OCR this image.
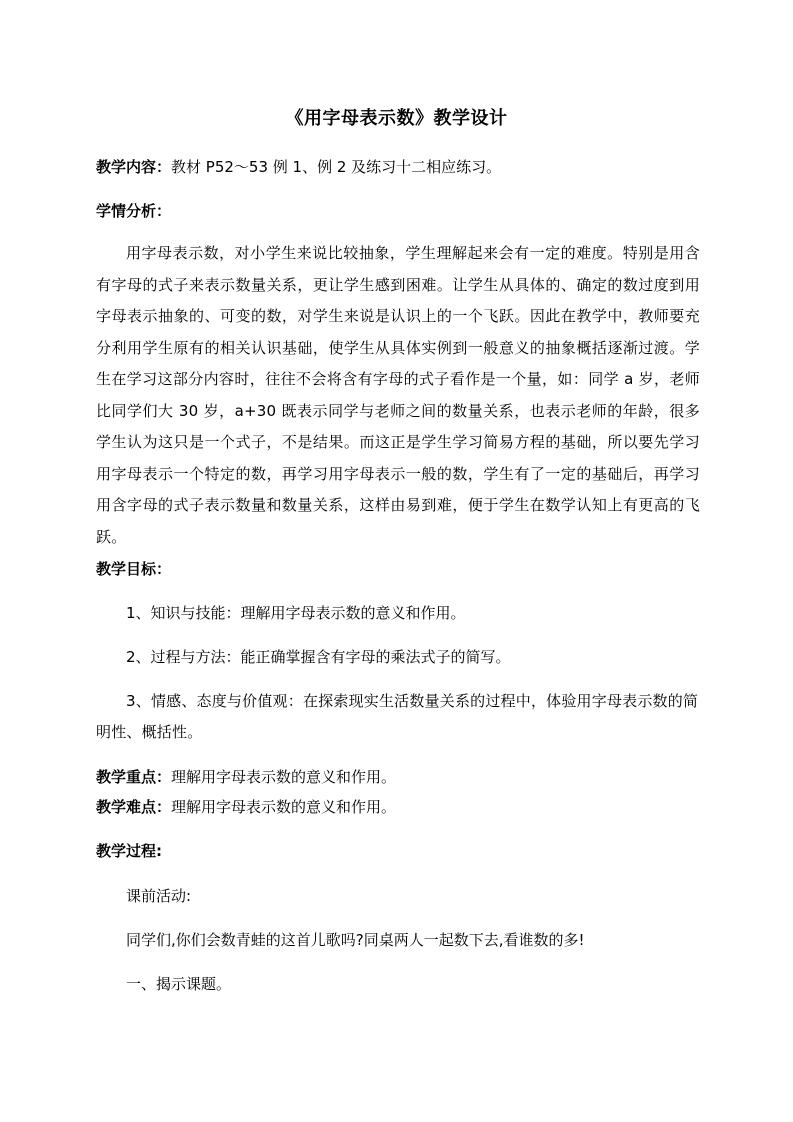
《用字母表示数》教学设计
教学内容：教材 P52～53 例 1、例 2 及练习十二相应练习。
学情分析：
用字母表示数，对小学生来说比较抽象，学生理解起来会有一定的难度。特别是用含有字母的式子来表示数量关系，更让学生感到困难。让学生从具体的、确定的数过度到用字母表示抽象的、可变的数，对学生来说是认识上的一个飞跃。因此在教学中，教师要充分利用学生原有的相关认识基础，使学生从具体实例到一般意义的抽象概括逐渐过渡。学生在学习这部分内容时，往往不会将含有字母的式子看作是一个量，如：同学 a 岁，老师比同学们大 30 岁，a+30 既表示同学与老师之间的数量关系，也表示老师的年龄，很多学生认为这只是一个式子，不是结果。而这正是学生学习简易方程的基础，所以要先学习用字母表示一个特定的数，再学习用字母表示一般的数，学生有了一定的基础后，再学习用含字母的式子表示数量和数量关系，这样由易到难，便于学生在数学认知上有更高的飞跃。
教学目标：
1、知识与技能：理解用字母表示数的意义和作用。
2、过程与方法：能正确掌握含有字母的乘法式子的简写。
3、情感、态度与价值观：在探索现实生活数量关系的过程中，体验用字母表示数的简明性、概括性。
教学重点：理解用字母表示数的意义和作用。
教学难点：理解用字母表示数的意义和作用。
教学过程:
课前活动:
同学们,你们会数青蛙的这首儿歌吗?同桌两人一起数下去,看谁数的多!
一、揭示课题。
